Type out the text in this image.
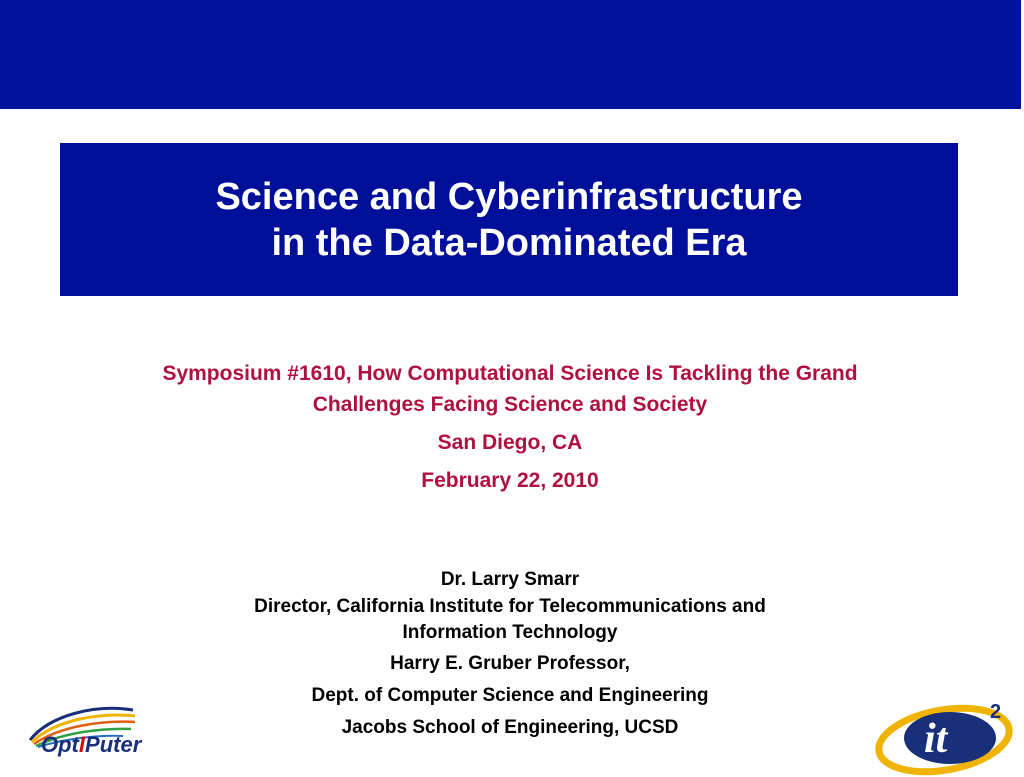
Science and Cyberinfrastructure
in the Data-Dominated Era
Symposium #1610, How Computational Science Is Tackling the Grand
Challenges Facing Science and Society
San Diego, CA
February 22, 2010
Dr. Larry Smarr
Director, California Institute for Telecommunications and
Information Technology
Harry E. Gruber Professor,
Dept. of Computer Science and Engineering
Jacobs School of Engineering, UCSD
OptIPuter	it
2
